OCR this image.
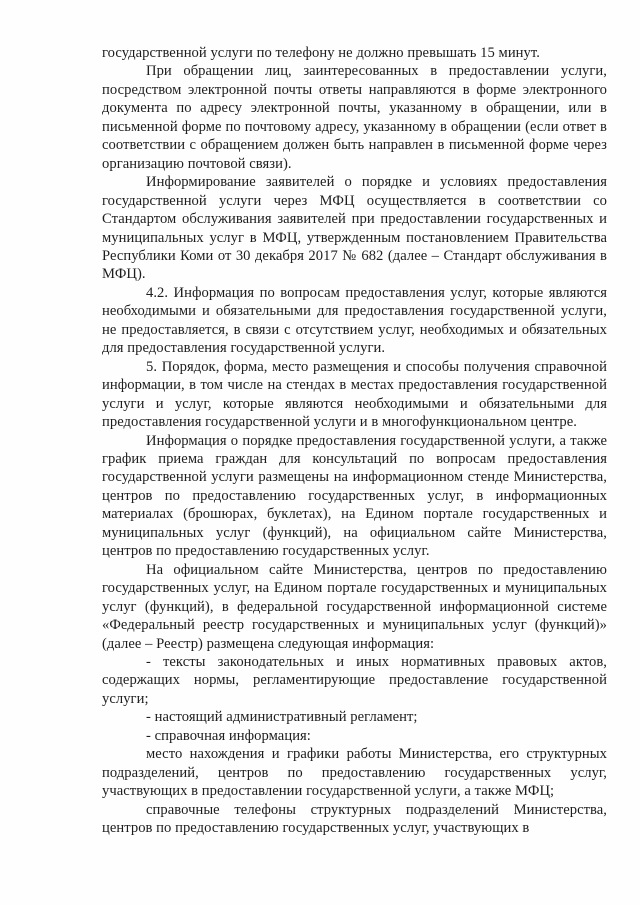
государственной услуги по телефону не должно превышать 15 минут.

При обращении лиц, заинтересованных в предоставлении услуги, посредством электронной почты ответы направляются в форме электронного документа по адресу электронной почты, указанному в обращении, или в письменной форме по почтовому адресу, указанному в обращении (если ответ в соответствии с обращением должен быть направлен в письменной форме через организацию почтовой связи).

Информирование заявителей о порядке и условиях предоставления государственной услуги через МФЦ осуществляется в соответствии со Стандартом обслуживания заявителей при предоставлении государственных и муниципальных услуг в МФЦ, утвержденным постановлением Правительства Республики Коми от 30 декабря 2017 № 682 (далее – Стандарт обслуживания в МФЦ).

4.2. Информация по вопросам предоставления услуг, которые являются необходимыми и обязательными для предоставления государственной услуги, не предоставляется, в связи с отсутствием услуг, необходимых и обязательных для предоставления государственной услуги.

5. Порядок, форма, место размещения и способы получения справочной информации, в том числе на стендах в местах предоставления государственной услуги и услуг, которые являются необходимыми и обязательными для предоставления государственной услуги и в многофункциональном центре.

Информация о порядке предоставления государственной услуги, а также график приема граждан для консультаций по вопросам предоставления государственной услуги размещены на информационном стенде Министерства, центров по предоставлению государственных услуг, в информационных материалах (брошюрах, буклетах), на Едином портале государственных и муниципальных услуг (функций), на официальном сайте Министерства, центров по предоставлению государственных услуг.

На официальном сайте Министерства, центров по предоставлению государственных услуг, на Едином портале государственных и муниципальных услуг (функций), в федеральной государственной информационной системе «Федеральный реестр государственных и муниципальных услуг (функций)» (далее – Реестр) размещена следующая информация:

- тексты законодательных и иных нормативных правовых актов, содержащих нормы, регламентирующие предоставление государственной услуги;

- настоящий административный регламент;

- справочная информация:

место нахождения и графики работы Министерства, его структурных подразделений, центров по предоставлению государственных услуг, участвующих в предоставлении государственной услуги, а также МФЦ;

справочные телефоны структурных подразделений Министерства, центров по предоставлению государственных услуг, участвующих в
